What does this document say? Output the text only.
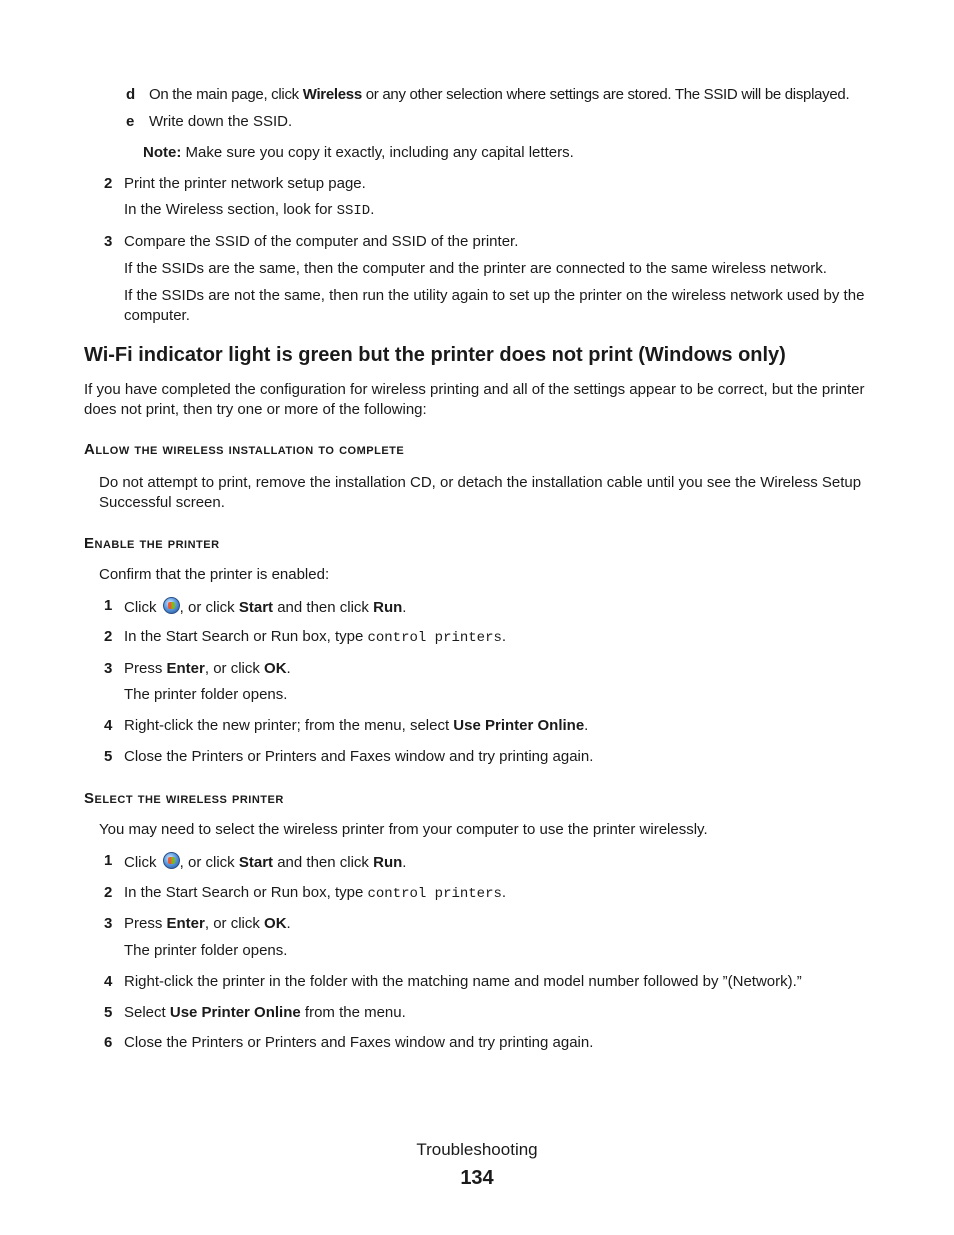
d On the main page, click Wireless or any other selection where settings are stored. The SSID will be displayed.
e Write down the SSID.
Note: Make sure you copy it exactly, including any capital letters.
2 Print the printer network setup page.
In the Wireless section, look for SSID.
3 Compare the SSID of the computer and SSID of the printer.
If the SSIDs are the same, then the computer and the printer are connected to the same wireless network.
If the SSIDs are not the same, then run the utility again to set up the printer on the wireless network used by the computer.
Wi-Fi indicator light is green but the printer does not print (Windows only)
If you have completed the configuration for wireless printing and all of the settings appear to be correct, but the printer does not print, then try one or more of the following:
Allow the wireless installation to complete
Do not attempt to print, remove the installation CD, or detach the installation cable until you see the Wireless Setup Successful screen.
Enable the printer
Confirm that the printer is enabled:
1 Click , or click Start and then click Run.
2 In the Start Search or Run box, type control printers.
3 Press Enter, or click OK.
The printer folder opens.
4 Right-click the new printer; from the menu, select Use Printer Online.
5 Close the Printers or Printers and Faxes window and try printing again.
Select the wireless printer
You may need to select the wireless printer from your computer to use the printer wirelessly.
1 Click , or click Start and then click Run.
2 In the Start Search or Run box, type control printers.
3 Press Enter, or click OK.
The printer folder opens.
4 Right-click the printer in the folder with the matching name and model number followed by ”(Network).”
5 Select Use Printer Online from the menu.
6 Close the Printers or Printers and Faxes window and try printing again.
Troubleshooting
134
